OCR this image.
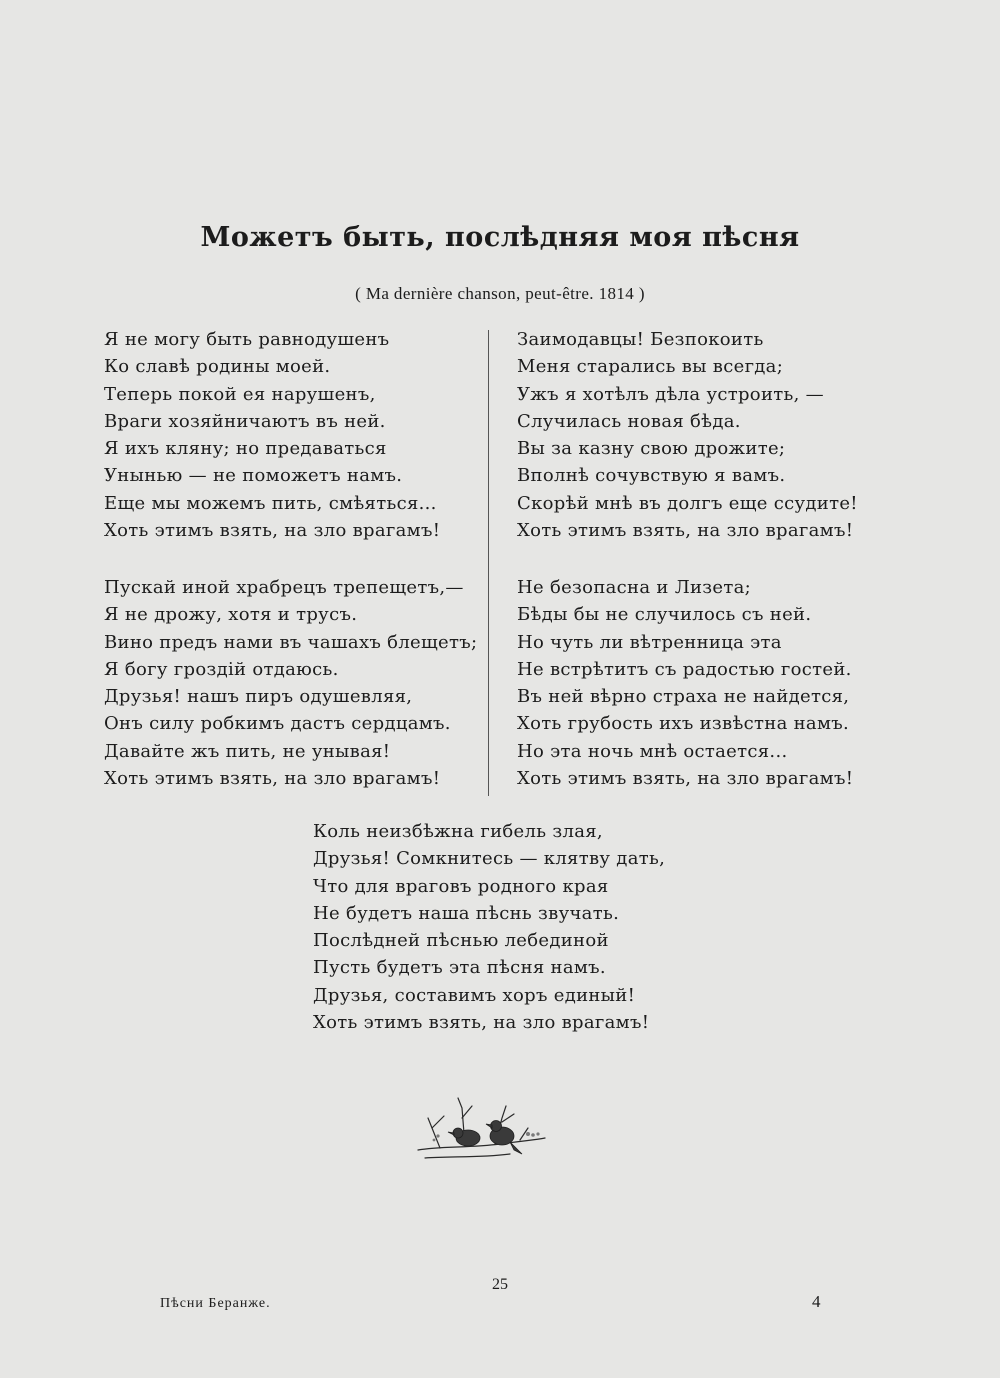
Можетъ быть, послѣдняя моя пѣсня
( Ma dernière chanson, peut-être. 1814 )
Я не могу быть равнодушенъ
Ко славѣ родины моей.
Теперь покой ея нарушенъ,
Враги хозяйничаютъ въ ней.
Я ихъ кляну; но предаваться
Унынью — не поможетъ намъ.
Еще мы можемъ пить, смѣяться...
Хоть этимъ взять, на зло врагамъ!
Пускай иной храбрецъ трепещетъ,—
Я не дрожу, хотя и трусъ.
Вино предъ нами въ чашахъ блещетъ;
Я богу гроздій отдаюсь.
Друзья! нашъ пиръ одушевляя,
Онъ силу робкимъ дастъ сердцамъ.
Давайте жъ пить, не унывая!
Хоть этимъ взять, на зло врагамъ!
Заимодавцы! Безпокоить
Меня старались вы всегда;
Ужъ я хотѣлъ дѣла устроить, —
Случилась новая бѣда.
Вы за казну свою дрожите;
Вполнѣ сочувствую я вамъ.
Скорѣй мнѣ въ долгъ еще ссудите!
Хоть этимъ взять, на зло врагамъ!
Не безопасна и Лизета;
Бѣды бы не случилось съ ней.
Но чуть ли вѣтренница эта
Не встрѣтитъ съ радостью гостей.
Въ ней вѣрно страха не найдется,
Хоть грубость ихъ извѣстна намъ.
Но эта ночь мнѣ остается...
Хоть этимъ взять, на зло врагамъ!
Коль неизбѣжна гибель злая,
Друзья! Сомкнитесь — клятву дать,
Что для враговъ родного края
Не будетъ наша пѣснь звучать.
Послѣдней пѣснью лебединой
Пусть будетъ эта пѣсня намъ.
Друзья, составимъ хоръ единый!
Хоть этимъ взять, на зло врагамъ!
25
Пѣсни Беранже.	4
